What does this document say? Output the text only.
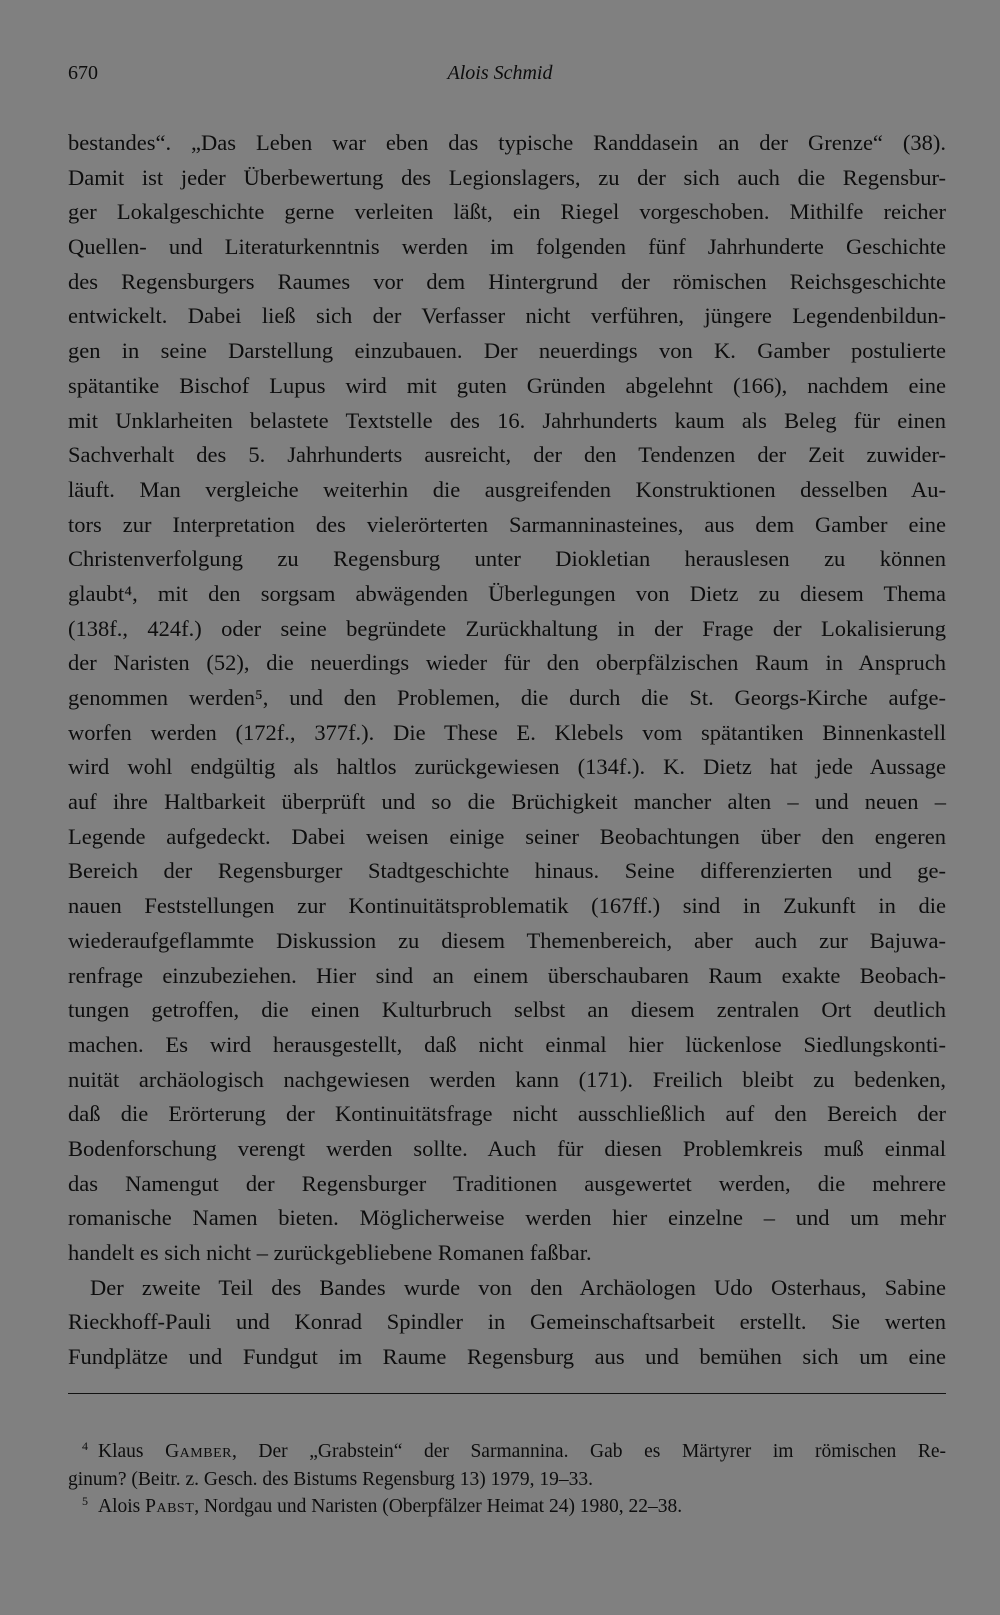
670	Alois Schmid
bestandes“. „Das Leben war eben das typische Randdasein an der Grenze“ (38).
Damit ist jeder Überbewertung des Legionslagers, zu der sich auch die Regensbur-
ger Lokalgeschichte gerne verleiten läßt, ein Riegel vorgeschoben. Mithilfe reicher
Quellen- und Literaturkenntnis werden im folgenden fünf Jahrhunderte Geschichte
des Regensburgers Raumes vor dem Hintergrund der römischen Reichsgeschichte
entwickelt. Dabei ließ sich der Verfasser nicht verführen, jüngere Legendenbildun-
gen in seine Darstellung einzubauen. Der neuerdings von K. Gamber postulierte
spätantike Bischof Lupus wird mit guten Gründen abgelehnt (166), nachdem eine
mit Unklarheiten belastete Textstelle des 16. Jahrhunderts kaum als Beleg für einen
Sachverhalt des 5. Jahrhunderts ausreicht, der den Tendenzen der Zeit zuwider-
läuft. Man vergleiche weiterhin die ausgreifenden Konstruktionen desselben Au-
tors zur Interpretation des vielerörterten Sarmanninasteines, aus dem Gamber eine
Christenverfolgung zu Regensburg unter Diokletian herauslesen zu können
glaubt⁴, mit den sorgsam abwägenden Überlegungen von Dietz zu diesem Thema
(138f., 424f.) oder seine begründete Zurückhaltung in der Frage der Lokalisierung
der Naristen (52), die neuerdings wieder für den oberpfälzischen Raum in Anspruch
genommen werden⁵, und den Problemen, die durch die St. Georgs-Kirche aufge-
worfen werden (172f., 377f.). Die These E. Klebels vom spätantiken Binnenkastell
wird wohl endgültig als haltlos zurückgewiesen (134f.). K. Dietz hat jede Aussage
auf ihre Haltbarkeit überprüft und so die Brüchigkeit mancher alten – und neuen –
Legende aufgedeckt. Dabei weisen einige seiner Beobachtungen über den engeren
Bereich der Regensburger Stadtgeschichte hinaus. Seine differenzierten und ge-
nauen Feststellungen zur Kontinuitätsproblematik (167ff.) sind in Zukunft in die
wiederaufgeflammte Diskussion zu diesem Themenbereich, aber auch zur Bajuwa-
renfrage einzubeziehen. Hier sind an einem überschaubaren Raum exakte Beobach-
tungen getroffen, die einen Kulturbruch selbst an diesem zentralen Ort deutlich
machen. Es wird herausgestellt, daß nicht einmal hier lückenlose Siedlungskonti-
nuität archäologisch nachgewiesen werden kann (171). Freilich bleibt zu bedenken,
daß die Erörterung der Kontinuitätsfrage nicht ausschließlich auf den Bereich der
Bodenforschung verengt werden sollte. Auch für diesen Problemkreis muß einmal
das Namengut der Regensburger Traditionen ausgewertet werden, die mehrere
romanische Namen bieten. Möglicherweise werden hier einzelne – und um mehr
handelt es sich nicht – zurückgebliebene Romanen faßbar.
Der zweite Teil des Bandes wurde von den Archäologen Udo Osterhaus, Sabine
Rieckhoff-Pauli und Konrad Spindler in Gemeinschaftsarbeit erstellt. Sie werten
Fundplätze und Fundgut im Raume Regensburg aus und bemühen sich um eine
$^4$ Klaus Gamber, Der „Grabstein“ der Sarmannina. Gab es Märtyrer im römischen Re-
ginum? (Beitr. z. Gesch. des Bistums Regensburg 13) 1979, 19–33.
$^5$ Alois Pabst, Nordgau und Naristen (Oberpfälzer Heimat 24) 1980, 22–38.
